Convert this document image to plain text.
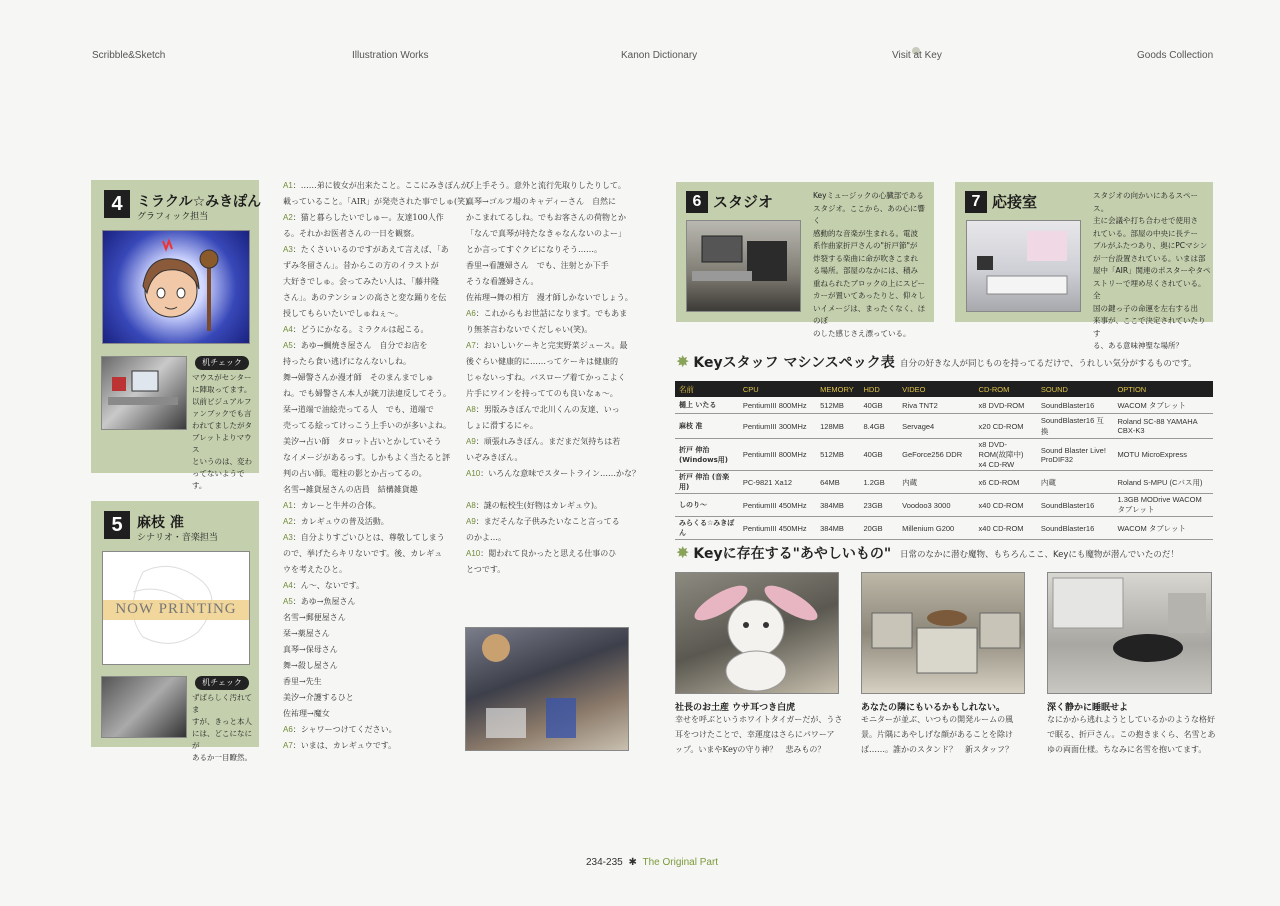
Scribble&Sketch	Illustration Works	Kanon Dictionary	Visit at Key	Goods Collection
4	ミラクル☆みきぽん
グラフィック担当
机チェック
マウスがセンター
に陣取ってます。
以前ビジュアルフ
ァンブックでも言
われてましたがタ
ブレットよりマウス
というのは、変わ
ってないようです。

A1：……弟に彼女が出来たこと。ここにみきぽんが

載っていること。「AIR」が発売された事でしゅ(笑)。

A2：猫と暮らしたいでしゅー。友達100人作

る。それかお医者さんの一日を観察。

A3：たくさいいるのですがあえて言えば、「あ

ずみ冬留さん」。昔からこの方のイラストが

大好きでしゅ。会ってみたい人は、「藤井隆

さん」。あのテンションの高さと変な踊りを伝

授してもらいたいでしゅねぇ～。

A4：どうにかなる。ミラクルは起こる。

A5：あゆ→鯛焼き屋さん　自分でお店を

持ったら食い逃げになんないしね。

舞→婦警さんか漫才師　そのまんまでしゅ

ね。でも婦警さん本人が銃刀法違反してそう。

栞→道端で油絵売ってる人　でも、道端で

売ってる絵ってけっこう上手いのが多いよね。

美汐→占い師　タロット占いとかしていそう

なイメージがあるっす。しかもよく当たると評

判の占い師。電柱の影とか占ってるの。

名雪→雑貨屋さんの店員　結構雑貨趣

び上手そう。意外と流行先取りしたりして。

真琴→ゴルフ場のキャディーさん　自然に

かこまれてるしね。でもお客さんの荷物とか

「なんで真琴が持たなきゃなんないのよー」

とか言ってすぐクビになりそう……。

香里→看護婦さん　でも、注射とか下手

そうな看護婦さん。

佐祐理→舞の相方　漫才師しかないでしょう。

A6：これからもお世話になります。でもあま

り無茶言わないでくだしゃい(笑)。

A7：おいしいケーキと完実野菜ジュース。最

後ぐらい健康的に……ってケーキは健康的

じゃないっすね。バスローブ着てかっこよく

片手にワインを持っててのも良いなぁ～。

A8：男版みきぽんで北川くんの友達、いっ

しょに滑するにゃ。

A9：頑張れみきぽん。まだまだ気持ちは若

いぞみきぽん。

A10：いろんな意味でスタートライン……かな？

5	麻枝 准
シナリオ・音楽担当
NOW PRINTING
机チェック
ずばらしく汚れてま
すが、きっと本人
には、どこになにが
あるか一目瞭然。

A1：カレーと牛丼の合体。

A2：カレギュウの普及活動。

A3：自分よりすごいひとは、尊敬してしまう

ので、挙げたらキリないです。後、カレギュ

ウを考えたひと。

A4：ん～、ないです。

A5：あゆ→魚屋さん

名雪→郵便屋さん

栞→薬屋さん

真琴→保母さん

舞→殺し屋さん

香里→先生

美汐→介護するひと

佐祐理→魔女

A6：シャワーつけてください。

A7：いまは、カレギュウです。

A8：謎の転校生(好物はカレギュウ)。

A9：まだそんな子供みたいなこと言ってる

のかよ…。

A10：閲われて良かったと思える仕事のひ

とつです。

6 スタジオ	Keyミュージックの心臓部である
スタジオ。ここから、あの心に響く
感動的な音楽が生まれる。電波
系作曲家折戸さんの"折戸節"が
炸裂する楽曲に命が吹きこまれ
る場所。部屋のなかには、積み
重ねられたブロックの上にスピー
カーが置いてあったりと、仰々し
いイメージは、まったくなく、ほのぼ
のした感じさえ漂っている。
7 応接室	スタジオの向かいにあるスペース。
主に会議や打ち合わせで使用さ
れている。部屋の中央に長テー
ブルがふたつあり、奥にPCマシン
が一台設置されている。いまは部
屋中「AIR」関連のポスターやタペ
ストリーで埋め尽くされている。全
国の鍵っ子の命運を左右する出
来事が、ここで決定されていたりす
る、ある意味神聖な場所？
✸ Keyスタッフ マシンスペック表 自分の好きな人が同じものを持ってるだけで、うれしい気分がするものです。
名前	CPU	MEMORY	HDD	VIDEO	CD-ROM	SOUND	OPTION
樋上 いたる	PentiumIII 800MHz	512MB	40GB	Riva TNT2	x8 DVD-ROM	SoundBlaster16	WACOM タブレット
麻枝 准	PentiumIII 300MHz	128MB	8.4GB	Servage4	x20 CD-ROM	SoundBlaster16 互換	Roland SC-88 YAMAHA CBX-K3
折戸 伸治 (Windows用)	PentiumIII 800MHz	512MB	40GB	GeForce256 DDR	x8 DVD-ROM(故障中) x4 CD-RW	Sound Blaster Live! ProDIF32	MOTU MicroExpress
折戸 伸治 (音楽用)	PC-9821 Xa12	64MB	1.2GB	内蔵	x6 CD-ROM	内蔵	Roland S-MPU (Cバス用)
しのり～	PentiumIII 450MHz	384MB	23GB	Voodoo3 3000	x40 CD-ROM	SoundBlaster16	1.3GB MODrive WACOM タブレット
みらくる☆みきぽん	PentiumIII 450MHz	384MB	20GB	Millenium G200	x40 CD-ROM	SoundBlaster16	WACOM タブレット
✸ Keyに存在する"あやしいもの" 日常のなかに潜む魔物、もちろんここ、Keyにも魔物が潜んでいたのだ！
社長のお土産 ウサ耳つき白虎

幸せを呼ぶというホワイトタイガーだが、うさ

耳をつけたことで、幸運度はさらにパワーア

ップ。いまやKeyの守り神？　悲みもの？

あなたの隣にもいるかもしれない。

モニターが並ぶ、いつもの開発ルームの風

景。片隅にあやしげな顔があることを除け

ば……。誰かのスタンド？　新スタッフ？

深く静かに睡眠せよ

なにかから逃れようとしているかのような格好

で眠る、折戸さん。この抱きまくら、名雪とあ

ゆの両面仕様。ちなみに名雪を抱いてます。

234-235 ✱ The Original Part
